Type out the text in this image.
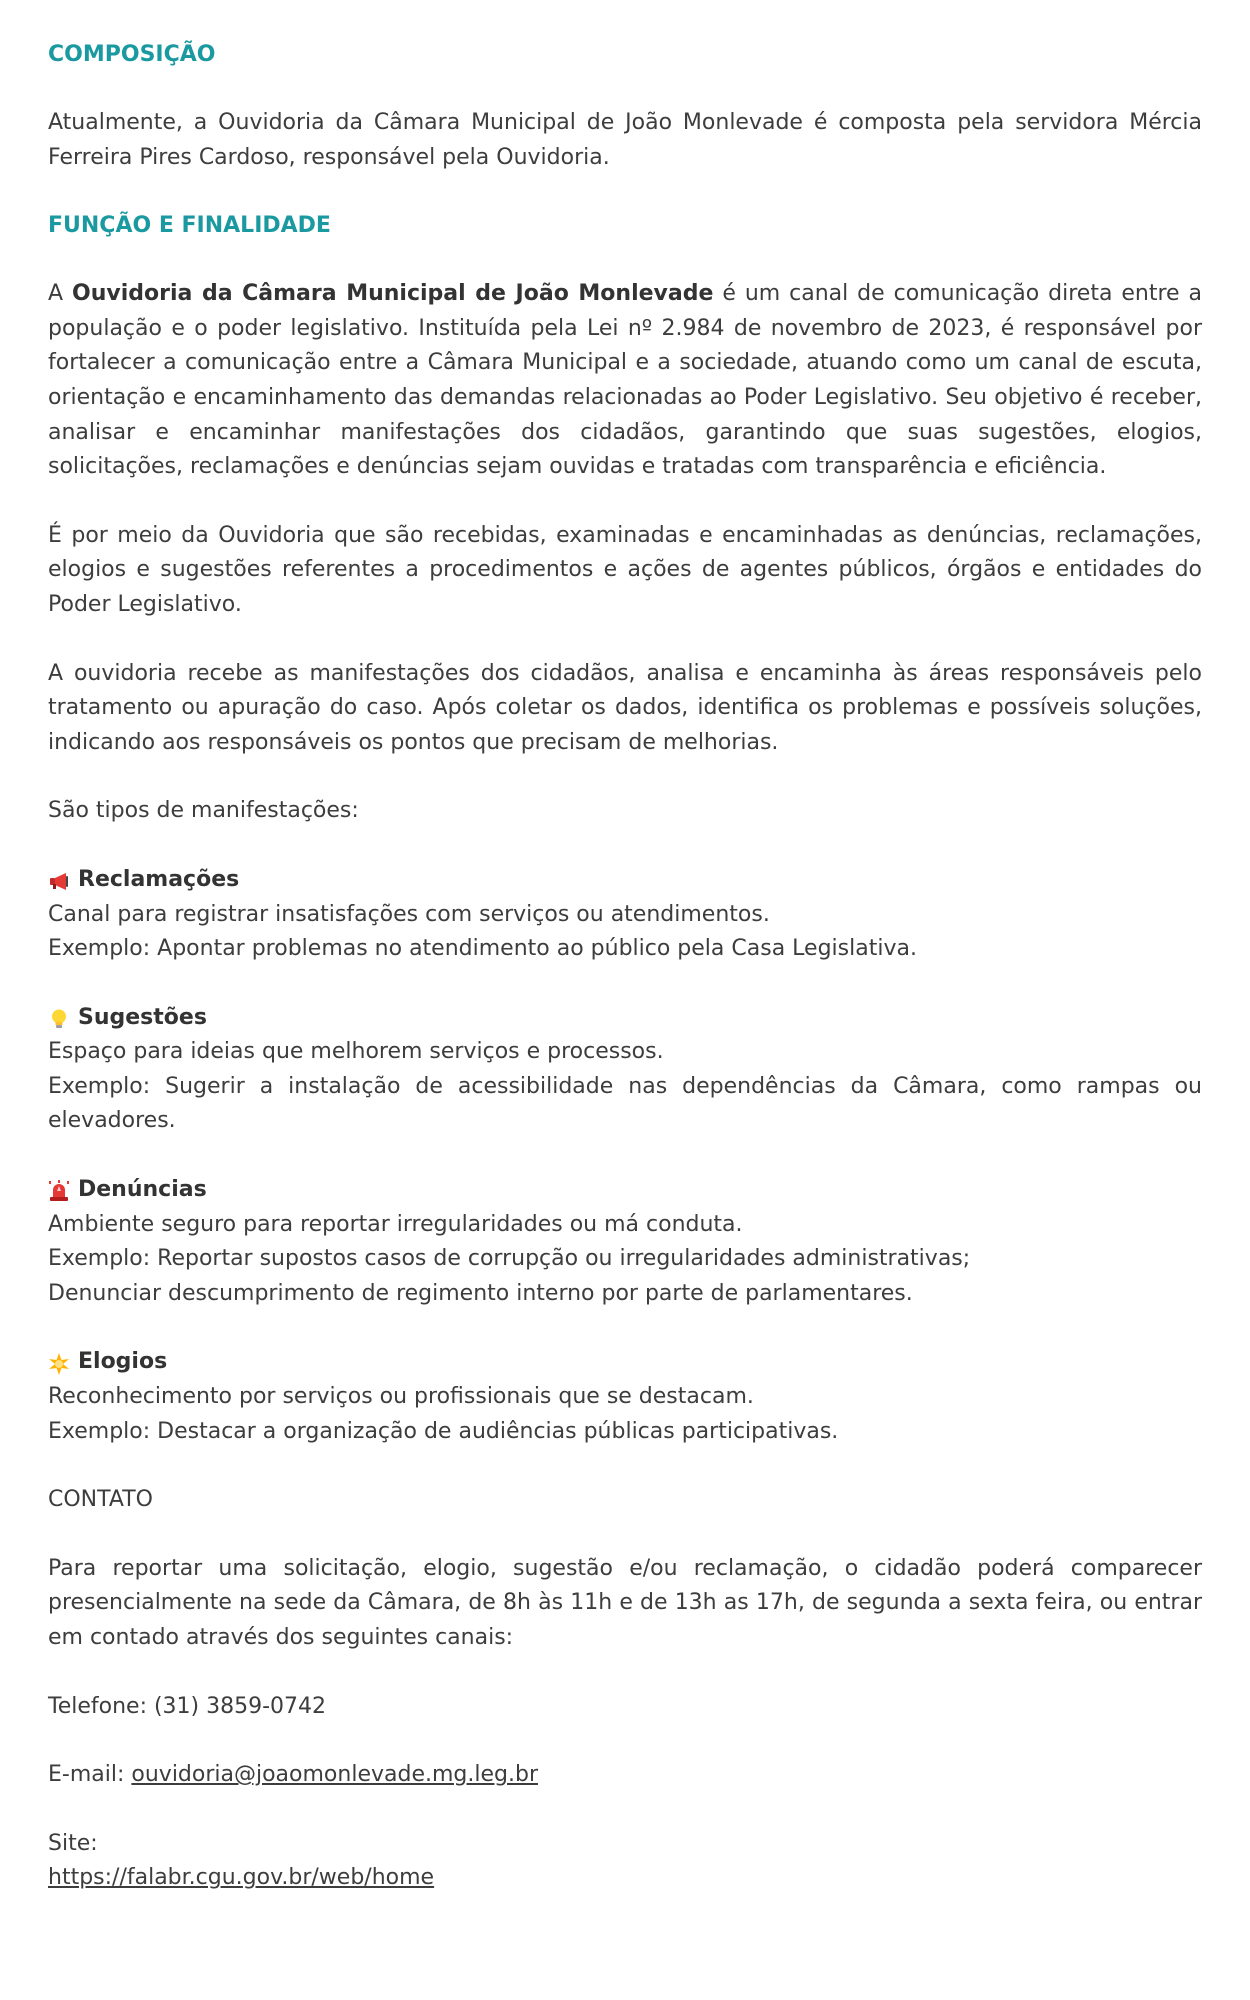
COMPOSIÇÃO

Atualmente, a Ouvidoria da Câmara Municipal de João Monlevade é composta pela servidora Mércia Ferreira Pires Cardoso, responsável pela Ouvidoria.

FUNÇÃO E FINALIDADE

A Ouvidoria da Câmara Municipal de João Monlevade é um canal de comunicação direta entre a população e o poder legislativo. Instituída pela Lei nº 2.984 de novembro de 2023, é responsável por fortalecer a comunicação entre a Câmara Municipal e a sociedade, atuando como um canal de escuta, orientação e encaminhamento das demandas relacionadas ao Poder Legislativo. Seu objetivo é receber, analisar e encaminhar manifestações dos cidadãos, garantindo que suas sugestões, elogios, solicitações, reclamações e denúncias sejam ouvidas e tratadas com transparência e eficiência.

É por meio da Ouvidoria que são recebidas, examinadas e encaminhadas as denúncias, reclamações, elogios e sugestões referentes a procedimentos e ações de agentes públicos, órgãos e entidades do Poder Legislativo.

A ouvidoria recebe as manifestações dos cidadãos, analisa e encaminha às áreas responsáveis pelo tratamento ou apuração do caso. Após coletar os dados, identifica os problemas e possíveis soluções, indicando aos responsáveis os pontos que precisam de melhorias.

São tipos de manifestações:

Reclamações
Canal para registrar insatisfações com serviços ou atendimentos.
Exemplo: Apontar problemas no atendimento ao público pela Casa Legislativa.
Sugestões
Espaço para ideias que melhorem serviços e processos.
Exemplo: Sugerir a instalação de acessibilidade nas dependências da Câmara, como rampas ou elevadores.
Denúncias
Ambiente seguro para reportar irregularidades ou má conduta.
Exemplo: Reportar supostos casos de corrupção ou irregularidades administrativas;
Denunciar descumprimento de regimento interno por parte de parlamentares.
Elogios
Reconhecimento por serviços ou profissionais que se destacam.
Exemplo: Destacar a organização de audiências públicas participativas.

CONTATO

Para reportar uma solicitação, elogio, sugestão e/ou reclamação, o cidadão poderá comparecer presencialmente na sede da Câmara, de 8h às 11h e de 13h as 17h, de segunda a sexta feira, ou entrar em contado através dos seguintes canais:

Telefone: (31) 3859-0742

E-mail: ouvidoria@joaomonlevade.mg.leg.br

Site:
https://falabr.cgu.gov.br/web/home
